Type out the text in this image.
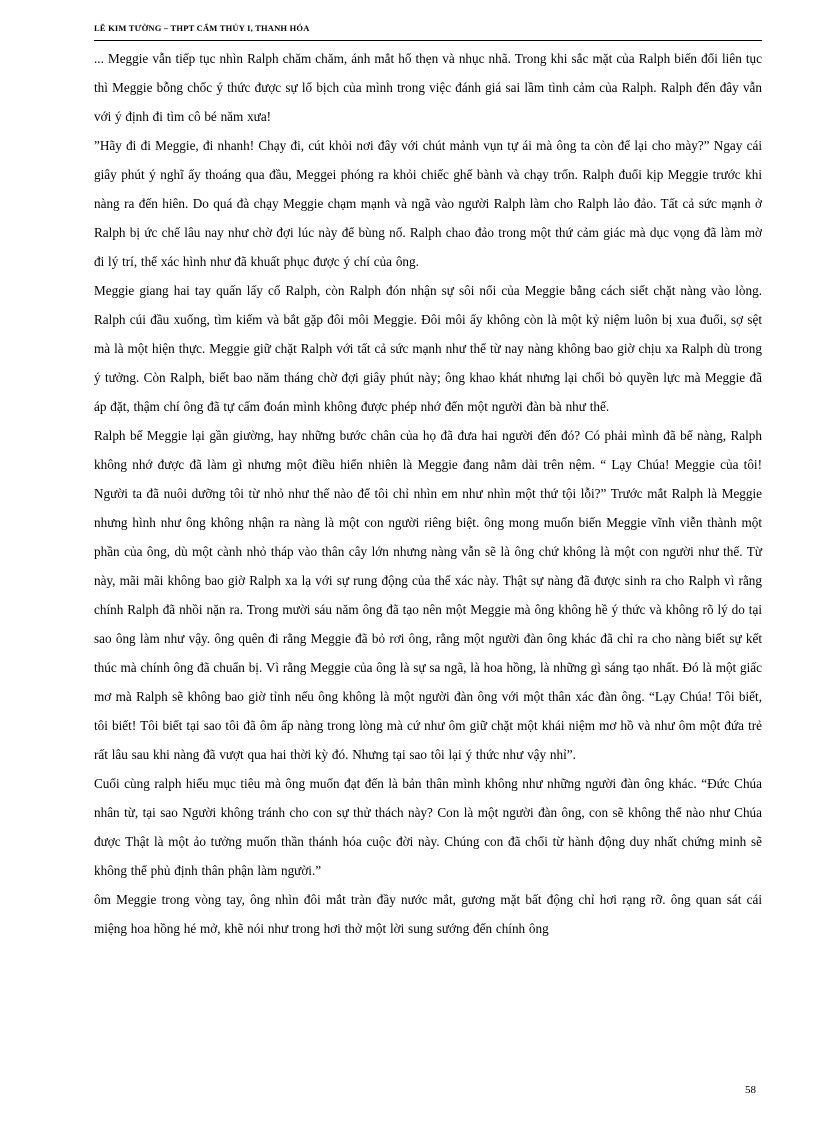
LÊ KIM TƯỜNG – THPT CẨM THỦY I, THANH HÓA

... Meggie vẫn tiếp tục nhìn Ralph chăm chăm, ánh mắt hổ thẹn và nhục nhã. Trong khi sắc mặt của Ralph biến đổi liên tục thì Meggie bỗng chốc ý thức được sự lố bịch của mình trong việc đánh giá sai lầm tình cảm của Ralph. Ralph đến đây vẫn với ý định đi tìm cô bé năm xưa!

”Hãy đi đi Meggie, đi nhanh! Chạy đi, cút khỏi nơi đây với chút mảnh vụn tự ái mà ông ta còn để lại cho mày?” Ngay cái giây phút ý nghĩ ấy thoáng qua đầu, Meggei phóng ra khỏi chiếc ghế bành và chạy trốn. Ralph đuổi kịp Meggie trước khi nàng ra đến hiên. Do quá đà chạy Meggie chạm mạnh và ngã vào người Ralph làm cho Ralph lảo đảo. Tất cả sức mạnh ở Ralph bị ức chế lâu nay như chờ đợi lúc này để bùng nổ. Ralph chao đảo trong một thứ cảm giác mà dục vọng đã làm mờ đi lý trí, thể xác hình như đã khuất phục được ý chí của ông.

Meggie giang hai tay quấn lấy cổ Ralph, còn Ralph đón nhận sự sôi nổi của Meggie bằng cách siết chặt nàng vào lòng. Ralph cúi đầu xuống, tìm kiếm và bắt gặp đôi môi Meggie. Đôi môi ấy không còn là một kỷ niệm luôn bị xua đuổi, sợ sệt mà là một hiện thực. Meggie giữ chặt Ralph với tất cả sức mạnh như thể từ nay nàng không bao giờ chịu xa Ralph dù trong ý tưởng. Còn Ralph, biết bao năm tháng chờ đợi giây phút này; ông khao khát nhưng lại chối bỏ quyền lực mà Meggie đã áp đặt, thậm chí ông đã tự cấm đoán mình không được phép nhớ đến một người đàn bà như thế.

Ralph bế Meggie lại gần giường, hay những bước chân của họ đã đưa hai người đến đó? Có phải mình đã bế nàng, Ralph không nhớ được đã làm gì nhưng một điều hiển nhiên là Meggie đang nằm dài trên nệm. “ Lạy Chúa! Meggie của tôi! Người ta đã nuôi dưỡng tôi từ nhỏ như thế nào để tôi chỉ nhìn em như nhìn một thứ tội lỗi?” Trước mắt Ralph là Meggie nhưng hình như ông không nhận ra nàng là một con người riêng biệt. ông mong muốn biến Meggie vĩnh viễn thành một phần của ông, dù một cành nhỏ tháp vào thân cây lớn nhưng nàng vẫn sẽ là ông chứ không là một con người như thế. Từ này, mãi mãi không bao giờ Ralph xa lạ với sự rung động của thể xác này. Thật sự nàng đã được sinh ra cho Ralph vì rằng chính Ralph đã nhồi nặn ra. Trong mười sáu năm ông đã tạo nên một Meggie mà ông không hề ý thức và không rõ lý do tại sao ông làm như vậy. ông quên đi rằng Meggie đã bỏ rơi ông, rằng một người đàn ông khác đã chỉ ra cho nàng biết sự kết thúc mà chính ông đã chuẩn bị. Vì rằng Meggie của ông là sự sa ngã, là hoa hồng, là những gì sáng tạo nhất. Đó là một giấc mơ mà Ralph sẽ không bao giờ tỉnh nếu ông không là một người đàn ông với một thân xác đàn ông. “Lạy Chúa! Tôi biết, tôi biết! Tôi biết tại sao tôi đã ôm ấp nàng trong lòng mà cứ như ôm giữ chặt một khái niệm mơ hồ và như ôm một đứa trẻ rất lâu sau khi nàng đã vượt qua hai thời kỳ đó. Nhưng tại sao tôi lại ý thức như vậy nhỉ”.

Cuối cùng ralph hiểu mục tiêu mà ông muốn đạt đến là bản thân mình không như những người đàn ông khác. “Đức Chúa nhân từ, tại sao Người không tránh cho con sự thử thách này? Con là một người đàn ông, con sẽ không thể nào như Chúa được Thật là một ảo tưởng muốn thần thánh hóa cuộc đời này. Chúng con đã chối từ hành động duy nhất chứng minh sẽ không thể phủ định thân phận làm người.”

ôm Meggie trong vòng tay, ông nhìn đôi mắt tràn đầy nước mắt, gương mặt bất động chỉ hơi rạng rỡ. ông quan sát cái miệng hoa hồng hé mở, khẽ nói như trong hơi thở một lời sung sướng đến chính ông

58
